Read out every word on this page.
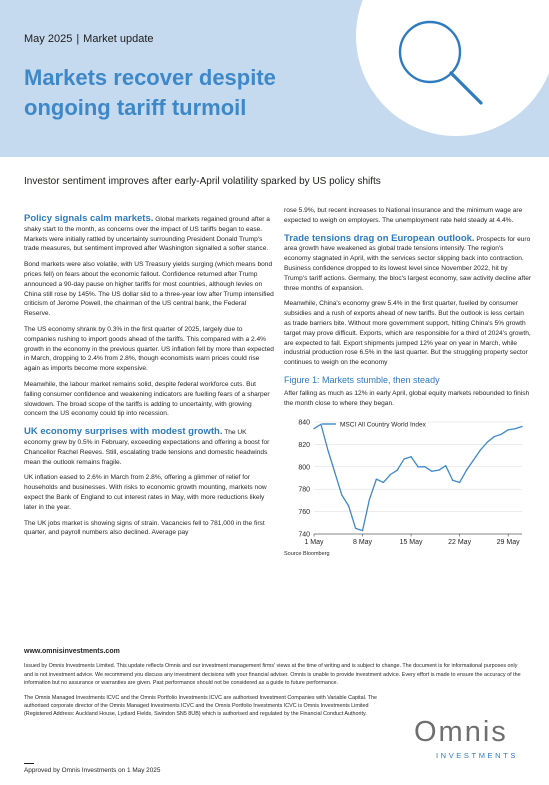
May 2025 | Market update
Markets recover despite ongoing tariff turmoil
Investor sentiment improves after early-April volatility sparked by US policy shifts

Policy signals calm markets. Global markets regained ground after a shaky start to the month, as concerns over the impact of US tariffs began to ease. Markets were initially rattled by uncertainty surrounding President Donald Trump's trade measures, but sentiment improved after Washington signalled a softer stance.

Bond markets were also volatile, with US Treasury yields surging (which means bond prices fell) on fears about the economic fallout. Confidence returned after Trump announced a 90-day pause on higher tariffs for most countries, although levies on China still rose by 145%. The US dollar slid to a three-year low after Trump intensified criticism of Jerome Powell, the chairman of the US central bank, the Federal Reserve.

The US economy shrank by 0.3% in the first quarter of 2025, largely due to companies rushing to import goods ahead of the tariffs. This compared with a 2.4% growth in the economy in the previous quarter. US inflation fell by more than expected in March, dropping to 2.4% from 2.8%, though economists warn prices could rise again as imports become more expensive.

Meanwhile, the labour market remains solid, despite federal workforce cuts. But falling consumer confidence and weakening indicators are fuelling fears of a sharper slowdown. The broad scope of the tariffs is adding to uncertainty, with growing concern the US economy could tip into recession.

UK economy surprises with modest growth. The UK economy grew by 0.5% in February, exceeding expectations and offering a boost for Chancellor Rachel Reeves. Still, escalating trade tensions and domestic headwinds mean the outlook remains fragile.

UK inflation eased to 2.6% in March from 2.8%, offering a glimmer of relief for households and businesses. With risks to economic growth mounting, markets now expect the Bank of England to cut interest rates in May, with more reductions likely later in the year.

The UK jobs market is showing signs of strain. Vacancies fell to 781,000 in the first quarter, and payroll numbers also declined. Average pay

rose 5.9%, but recent increases to National Insurance and the minimum wage are expected to weigh on employers. The unemployment rate held steady at 4.4%.

Trade tensions drag on European outlook. Prospects for euro area growth have weakened as global trade tensions intensify. The region's economy stagnated in April, with the services sector slipping back into contraction. Business confidence dropped to its lowest level since November 2022, hit by Trump's tariff actions. Germany, the bloc's largest economy, saw activity decline after three months of expansion.

Meanwhile, China's economy grew 5.4% in the first quarter, fuelled by consumer subsidies and a rush of exports ahead of new tariffs. But the outlook is less certain as trade barriers bite. Without more government support, hitting China's 5% growth target may prove difficult. Exports, which are responsible for a third of 2024's growth, are expected to fall. Export shipments jumped 12% year on year in March, while industrial production rose 6.5% in the last quarter. But the struggling property sector continues to weigh on the economy

Figure 1: Markets stumble, then steady

After falling as much as 12% in early April, global equity markets rebounded to finish the month close to where they began.

740
760
780
800
820
840
1 May	8 May	15 May	22 May	29 May
MSCI All Country World Index
Source Bloomberg
www.omnisinvestments.com

Issued by Omnis Investments Limited. This update reflects Omnis and our investment management firms' views at the time of writing and is subject to change. The document is for informational purposes only and is not investment advice. We recommend you discuss any investment decisions with your financial adviser. Omnis is unable to provide investment advice. Every effort is made to ensure the accuracy of the information but no assurance or warranties are given. Past performance should not be considered as a guide to future performance.

The Omnis Managed Investments ICVC and the Omnis Portfolio Investments ICVC are authorised Investment Companies with Variable Capital. The authorised corporate director of the Omnis Managed Investments ICVC and the Omnis Portfolio Investments ICVC is Omnis Investments Limited (Registered Address: Auckland House, Lydiard Fields, Swindon SN5 8UB) which is authorised and regulated by the Financial Conduct Authority.

Approved by Omnis Investments on 1 May 2025
Omnis
INVESTMENTS
